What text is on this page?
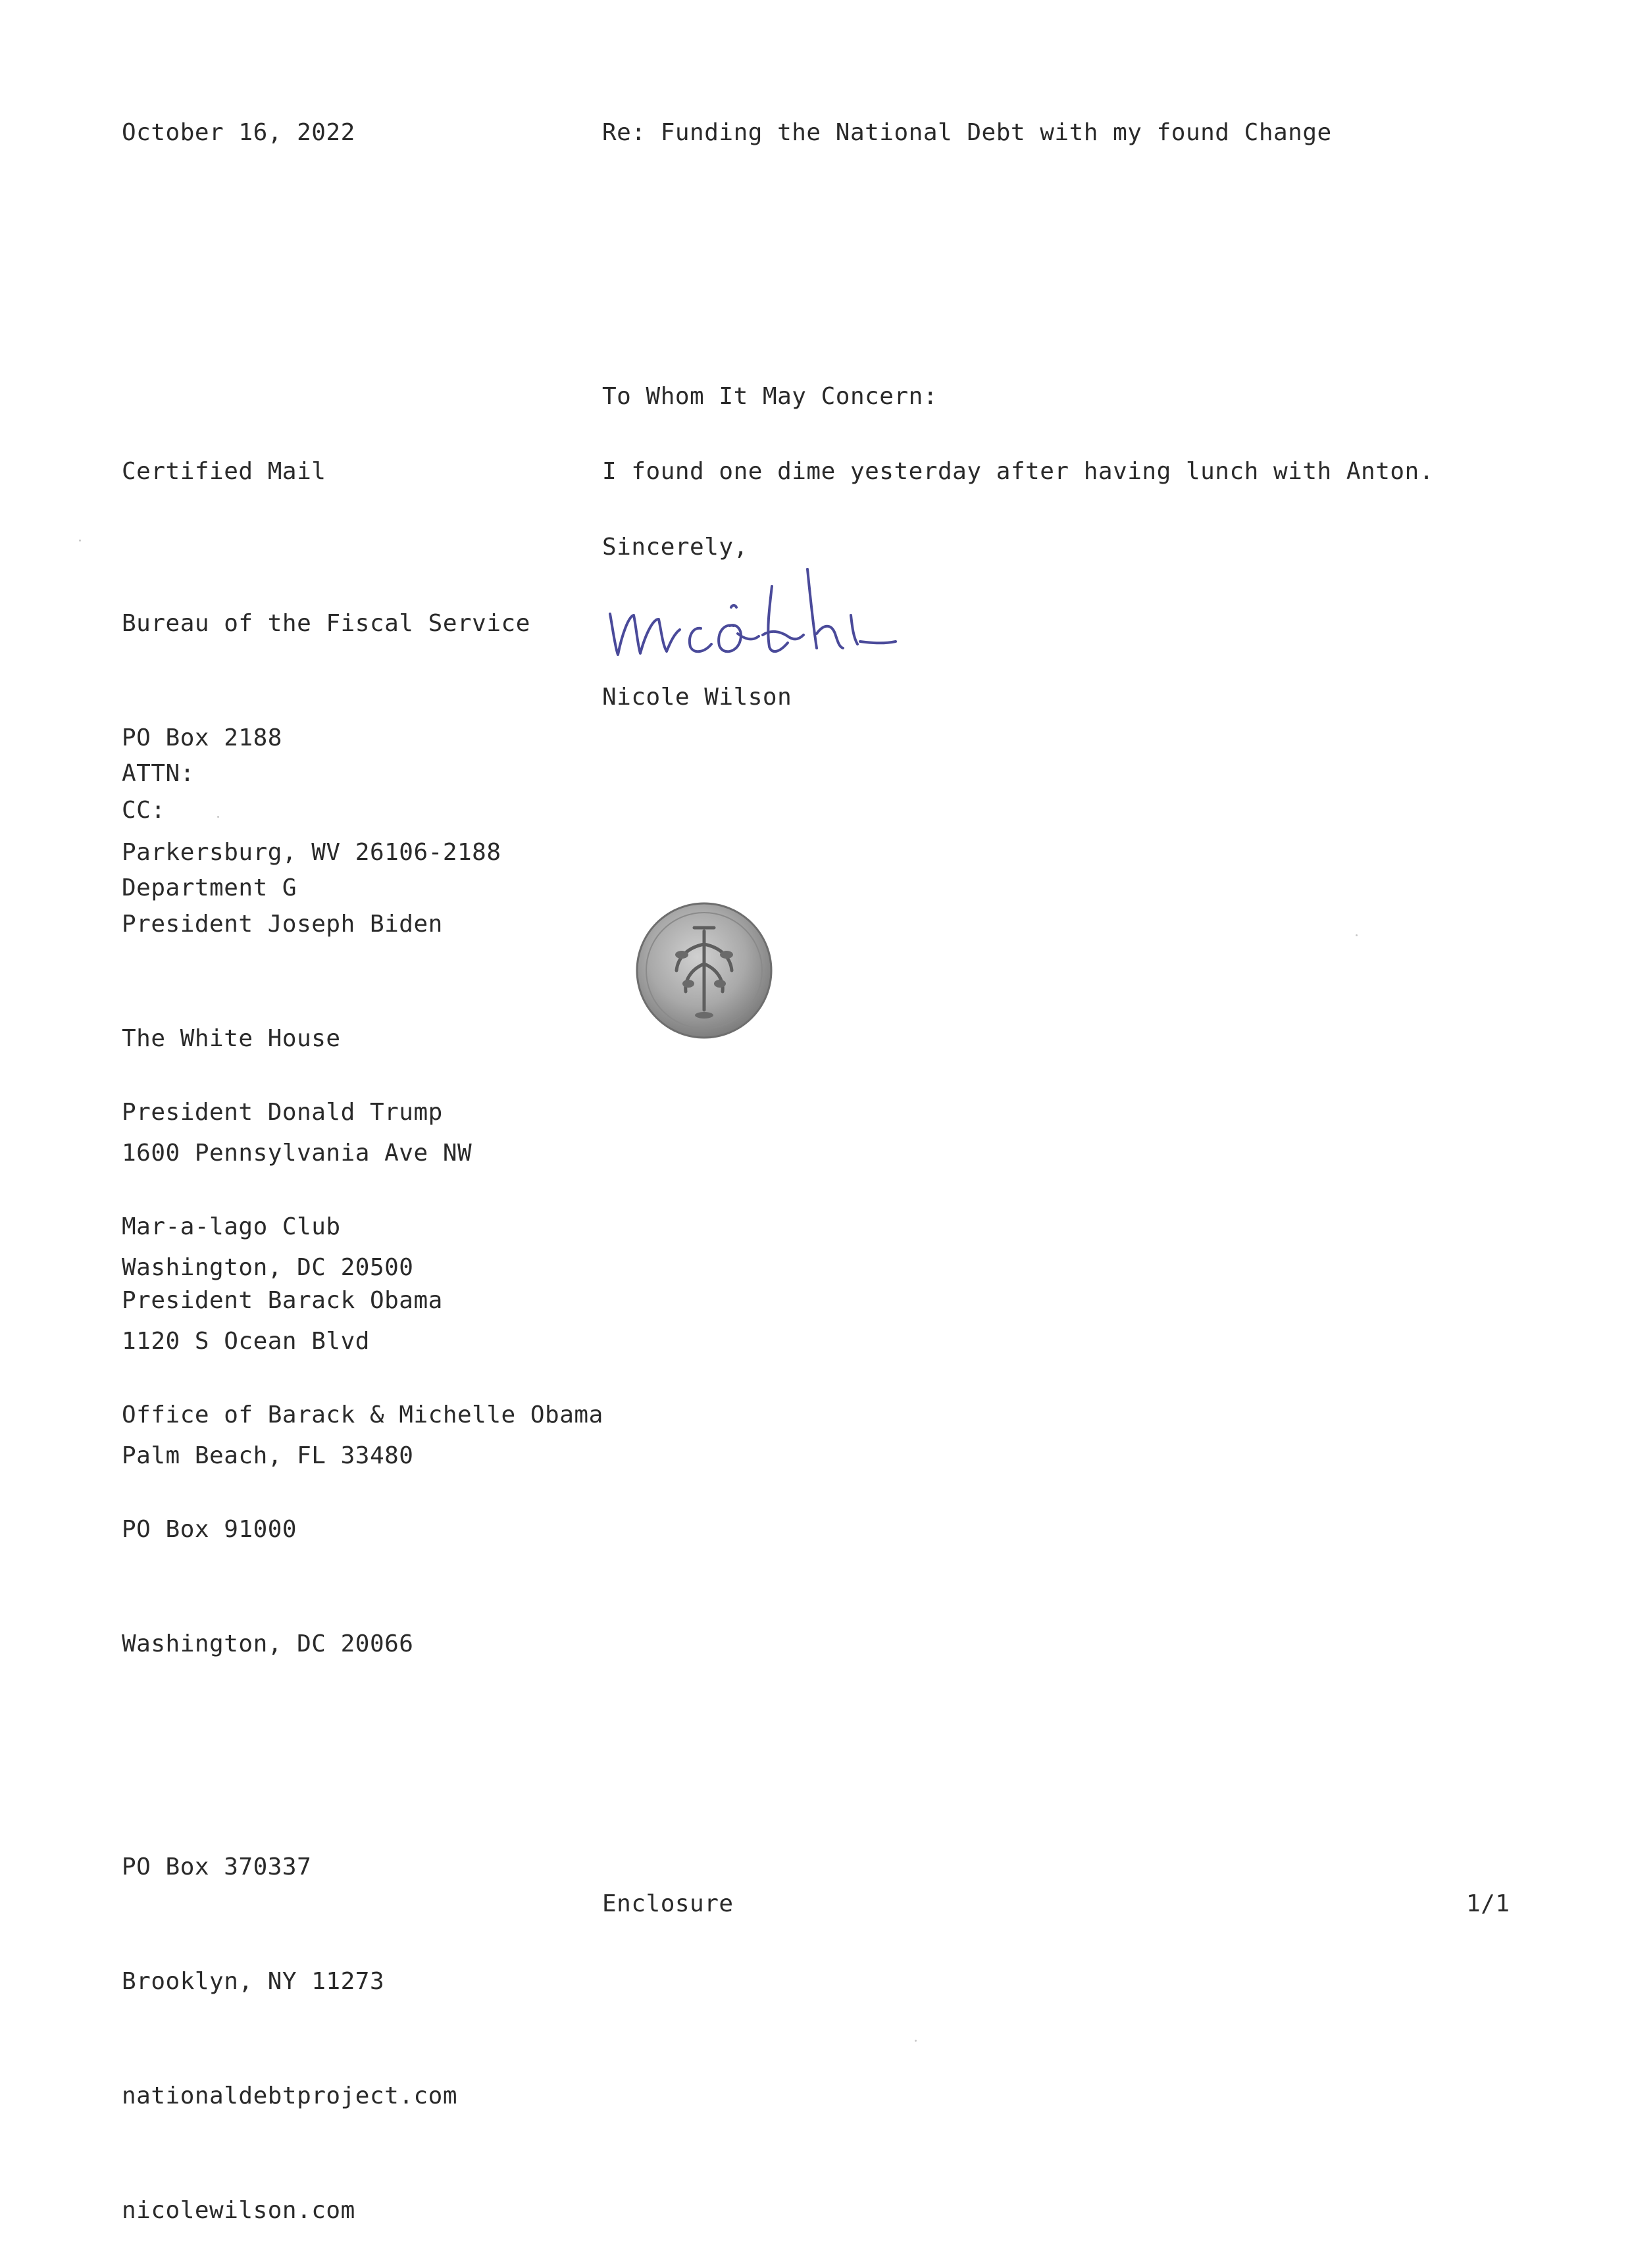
October 16, 2022	Re: Funding the National Debt with my found Change
To Whom It May Concern:
Certified Mail	I found one dime yesterday after having lunch with Anton.

Bureau of the Fiscal Service

PO Box 2188

Parkersburg, WV 26106-2188

Sincerely,
Nicole Wilson

ATTN:

Department G

CC:

President Joseph Biden

The White House

1600 Pennsylvania Ave NW

Washington, DC 20500

President Donald Trump

Mar-a-lago Club

1120 S Ocean Blvd

Palm Beach, FL 33480

President Barack Obama

Office of Barack & Michelle Obama

PO Box 91000

Washington, DC 20066

PO Box 370337

Brooklyn, NY 11273

nationaldebtproject.com

nicolewilson.com

Enclosure	1/1
